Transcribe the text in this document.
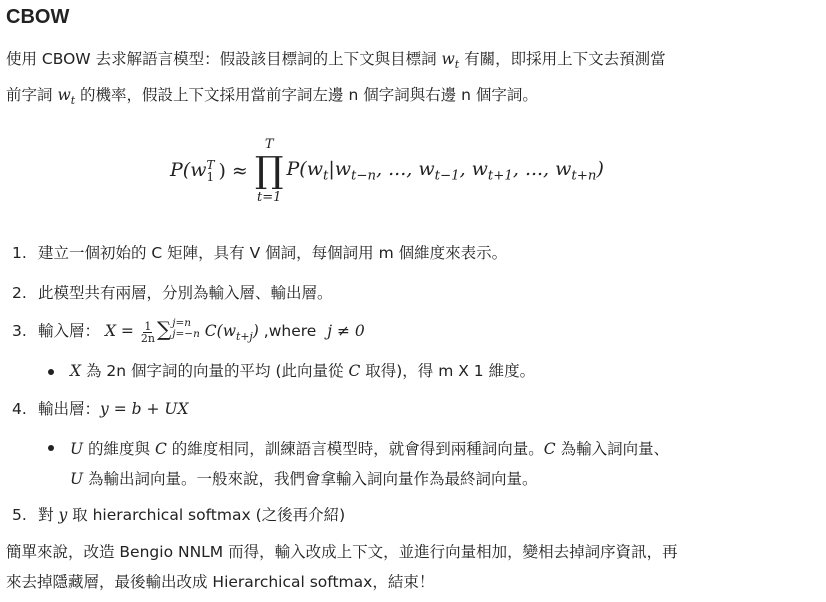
CBOW
使用 CBOW 去求解語言模型：假設該目標詞的上下文與目標詞 $w_t$ 有關，即採用上下文去預測當
前字詞 $w_t$ 的機率，假設上下文採用當前字詞左邊 n 個字詞與右邊 n 個字詞。
P(w T
1 ) ≈
T
∏
t=1
$P(w_t|w_{t-n}$, ..., $w_{t-1}$, $w_{t+1}$, ..., $w_{t+n}$)
1. 建立一個初始的 C 矩陣，具有 V 個詞，每個詞用 m 個維度來表示。
2. 此模型共有兩層，分別為輸入層、輸出層。
3. 輸入層： $X = \frac{1}{2n}$ ∑ j=n
j=−n $C(w_{t+j})$ ,where j ≠ 0
X 為 2n 個字詞的向量的平均 (此向量從 C 取得)，得 m X 1 維度。
4. 輸出層：y = b + UX
U 的維度與 C 的維度相同，訓練語言模型時，就會得到兩種詞向量。C 為輸入詞向量、
U 為輸出詞向量。一般來說，我們會拿輸入詞向量作為最終詞向量。
5. 對 y 取 hierarchical softmax (之後再介紹)
簡單來說，改造 Bengio NNLM 而得，輸入改成上下文，並進行向量相加，變相去掉詞序資訊，再
來去掉隱藏層，最後輸出改成 Hierarchical softmax，結束！
